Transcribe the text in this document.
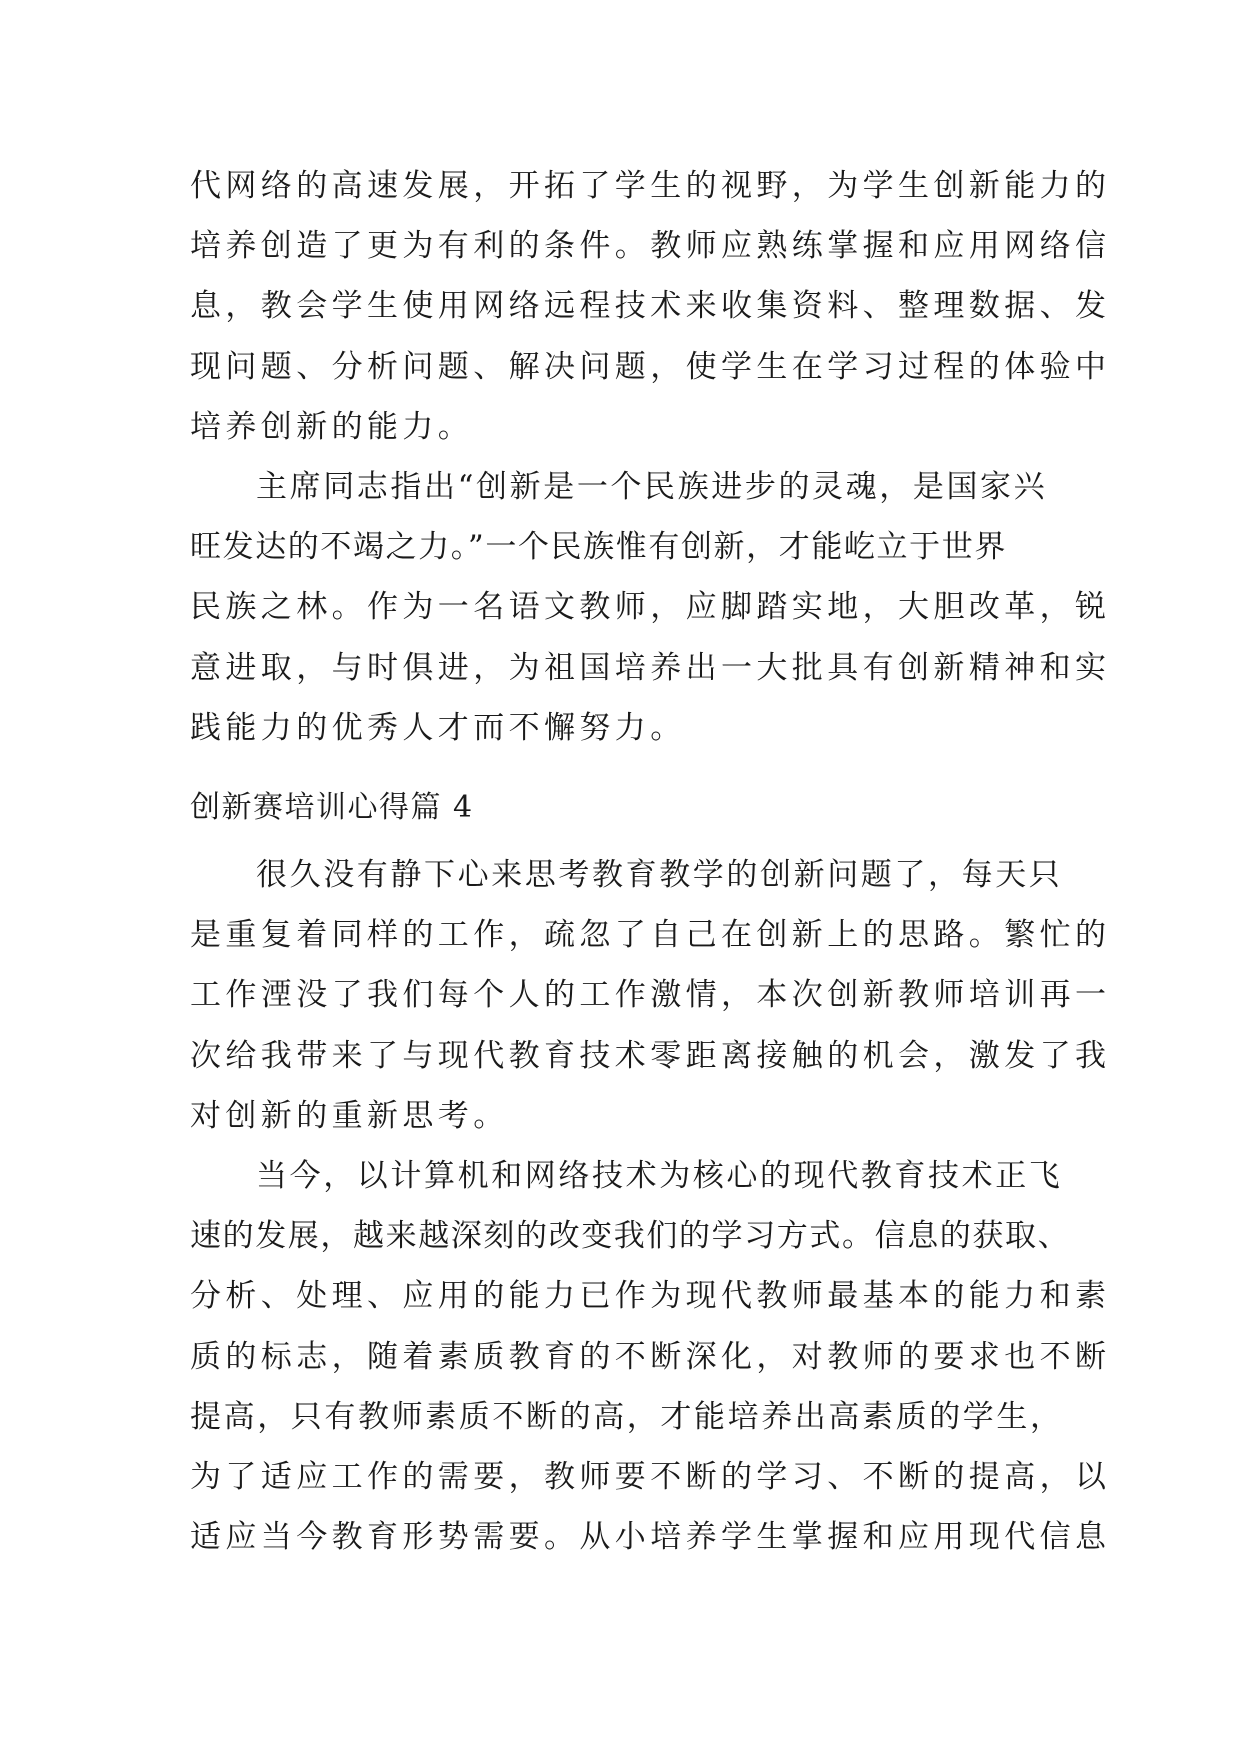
代网络的高速发展，开拓了学生的视野，为学生创新能力的
培养创造了更为有利的条件。教师应熟练掌握和应用网络信
息，教会学生使用网络远程技术来收集资料、整理数据、发
现问题、分析问题、解决问题，使学生在学习过程的体验中
培养创新的能力。
主席同志指出“创新是一个民族进步的灵魂，是国家兴
旺发达的不竭之力。”一个民族惟有创新，才能屹立于世界
民族之林。作为一名语文教师，应脚踏实地，大胆改革，锐
意进取，与时俱进，为祖国培养出一大批具有创新精神和实
践能力的优秀人才而不懈努力。
创新赛培训心得篇 4
很久没有静下心来思考教育教学的创新问题了，每天只
是重复着同样的工作，疏忽了自己在创新上的思路。繁忙的
工作湮没了我们每个人的工作激情，本次创新教师培训再一
次给我带来了与现代教育技术零距离接触的机会，激发了我
对创新的重新思考。
当今，以计算机和网络技术为核心的现代教育技术正飞
速的发展，越来越深刻的改变我们的学习方式。信息的获取、
分析、处理、应用的能力已作为现代教师最基本的能力和素
质的标志，随着素质教育的不断深化，对教师的要求也不断
提高，只有教师素质不断的高，才能培养出高素质的学生，
为了适应工作的需要，教师要不断的学习、不断的提高，以
适应当今教育形势需要。从小培养学生掌握和应用现代信息
